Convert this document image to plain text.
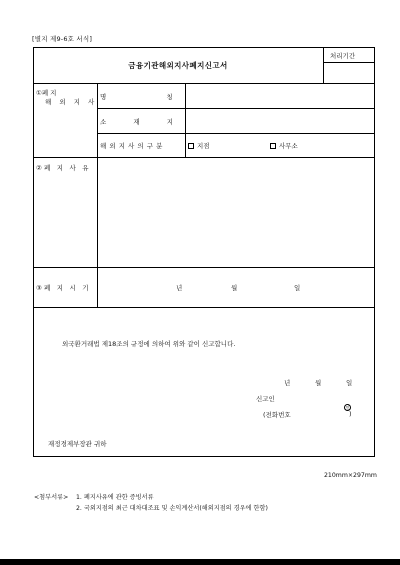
[별지 제9-6호 서식]
금융기관해외지사폐지신고서
처리기간
①폐 지
해 외 지 사
명 칭
소 재 지
해 외 지 사 의 구 분	지점	사무소
②폐 지 사 유
③폐 지 시 기	년	월	일
외국환거래법 제18조의 규정에 의하여 위와 같이 신고합니다.
년	월	일
신고인
인
(전화번호	)
재정경제부장관 귀하
210mm×297mm
<첨부서류> 1. 폐지사유에 관한 증빙서류
2. 국외지점의 최근 대차대조표 및 손익계산서(해외지점의 경우에 한함)
